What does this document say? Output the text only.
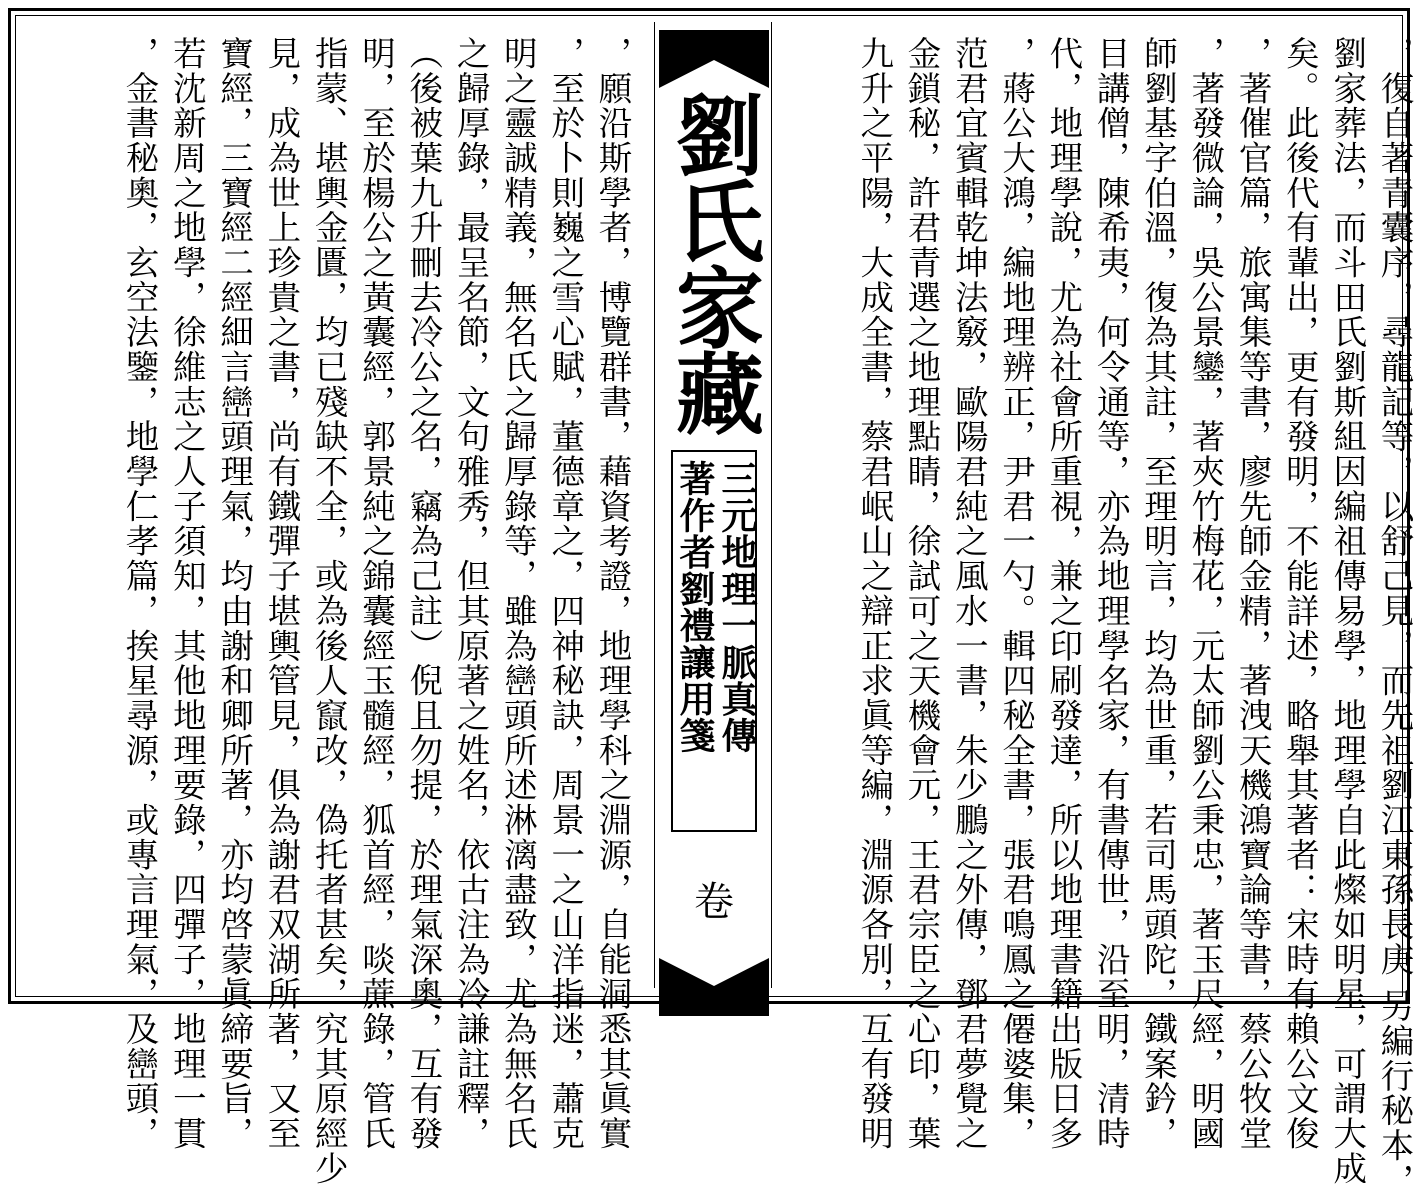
，復自著青囊序，尋龍記等，以舒己見，而先祖劉江東孫長庚 另編行秘本，
劉家葬法，而斗田氏劉斯組因編祖傳易學，地理學自此燦如明星，可謂大成
矣。此後代有輩出，更有發明，不能詳述，略舉其著者：宋時有賴公文俊
，著催官篇，旅寓集等書，廖先師金精，著洩天機鴻寶論等書，蔡公牧堂
，著發微論，吳公景鑾，著夾竹梅花，元太師劉公秉忠，著玉尺經，明國
師劉基字伯溫，復為其註，至理明言，均為世重，若司馬頭陀，鐵案鈐，
目講僧，陳希夷，何令通等，亦為地理學名家，有書傳世，沿至明，清時
代，地理學說，尤為社會所重視，兼之印刷發達，所以地理書籍出版日多
，蔣公大鴻，編地理辨正，尹君一勺。輯四秘全書，張君鳴鳳之僊婆集，
范君宜賓輯乾坤法竅，歐陽君純之風水一書，朱少鵬之外傳，鄧君夢覺之
金鎖秘，許君青選之地理點睛，徐試可之天機會元，王君宗臣之心印，葉
九升之平陽，大成全書，蔡君岷山之辯正求眞等編，淵源各別，互有發明
劉氏家藏
三元地理一脈真傳
著作者劉禮讓用箋
卷
，願沿斯學者，博覽群書，藉資考證，地理學科之淵源，自能洞悉其眞實
，至於卜則巍之雪心賦，董德章之，四神秘訣，周景一之山洋指迷，蕭克
明之靈誠精義，無名氏之歸厚錄等，雖為巒頭所述淋漓盡致，尤為無名氏
之歸厚錄，最呈名節，文句雅秀，但其原著之姓名，依古注為冷謙註釋，
（後被葉九升刪去冷公之名，竊為己註）倪且勿提，於理氣深奧，互有發
明，至於楊公之黃囊經，郭景純之錦囊經玉髓經，狐首經，啖蔗錄，管氏
指蒙、堪輿金匱，均已殘缺不全，或為後人竄改，偽托者甚矣，究其原經少
見，成為世上珍貴之書，尚有鐵彈子堪輿管見，俱為謝君双湖所著，又至
寶經，三寶經二經細言巒頭理氣，均由謝和卿所著，亦均啓蒙眞締要旨，
若沈新周之地學，徐維志之人子須知，其他地理要錄，四彈子，地理一貫
，金書秘奧，玄空法鑒，地學仁孝篇，挨星尋源，或專言理氣，及巒頭，
